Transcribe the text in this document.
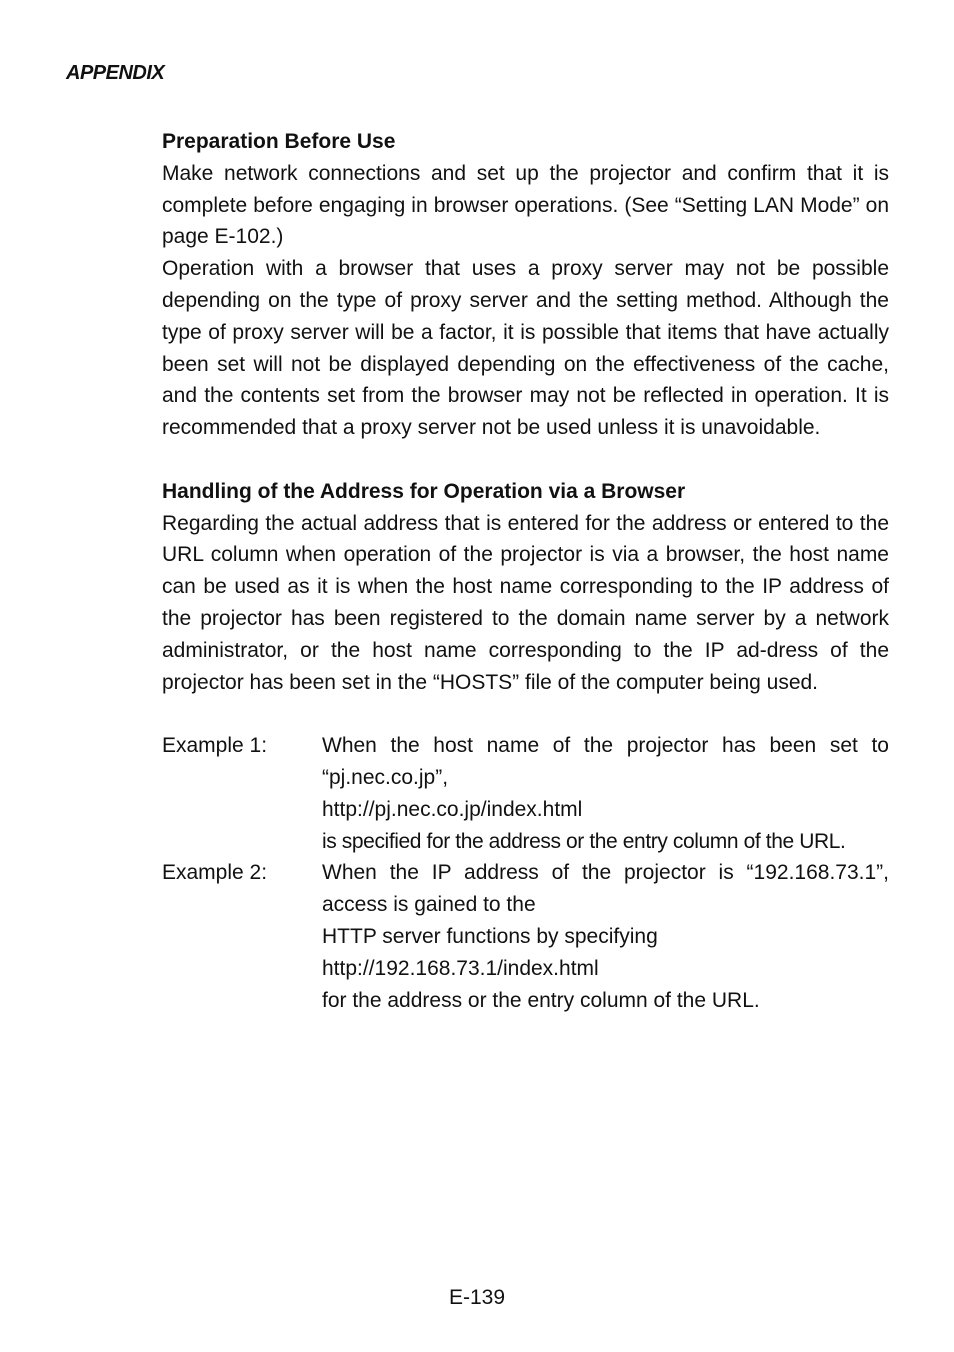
APPENDIX
Preparation Before Use
Make network connections and set up the projector and confirm that it is complete before engaging in browser operations. (See “Setting LAN Mode” on page E-102.)
Operation with a browser that uses a proxy server may not be possible depending on the type of proxy server and the setting method. Although the type of proxy server will be a factor, it is possible that items that have actually been set will not be displayed depending on the effectiveness of the cache, and the contents set from the browser may not be reflected in operation. It is recommended that a proxy server not be used unless it is unavoidable.
Handling of the Address for Operation via a Browser
Regarding the actual address that is entered for the address or entered to the URL column when operation of the projector is via a browser, the host name can be used as it is when the host name corresponding to the IP address of the projector has been registered to the domain name server by a network administrator, or the host name corresponding to the IP ad-dress of the projector has been set in the “HOSTS” file of the computer being used.
Example 1:	When the host name of the projector has been set to “pj.nec.co.jp”,
http://pj.nec.co.jp/index.html
is specified for the address or the entry column of the URL.
Example 2:	When the IP address of the projector is “192.168.73.1”, access is gained to the
HTTP server functions by specifying
http://192.168.73.1/index.html
for the address or the entry column of the URL.
E-139
